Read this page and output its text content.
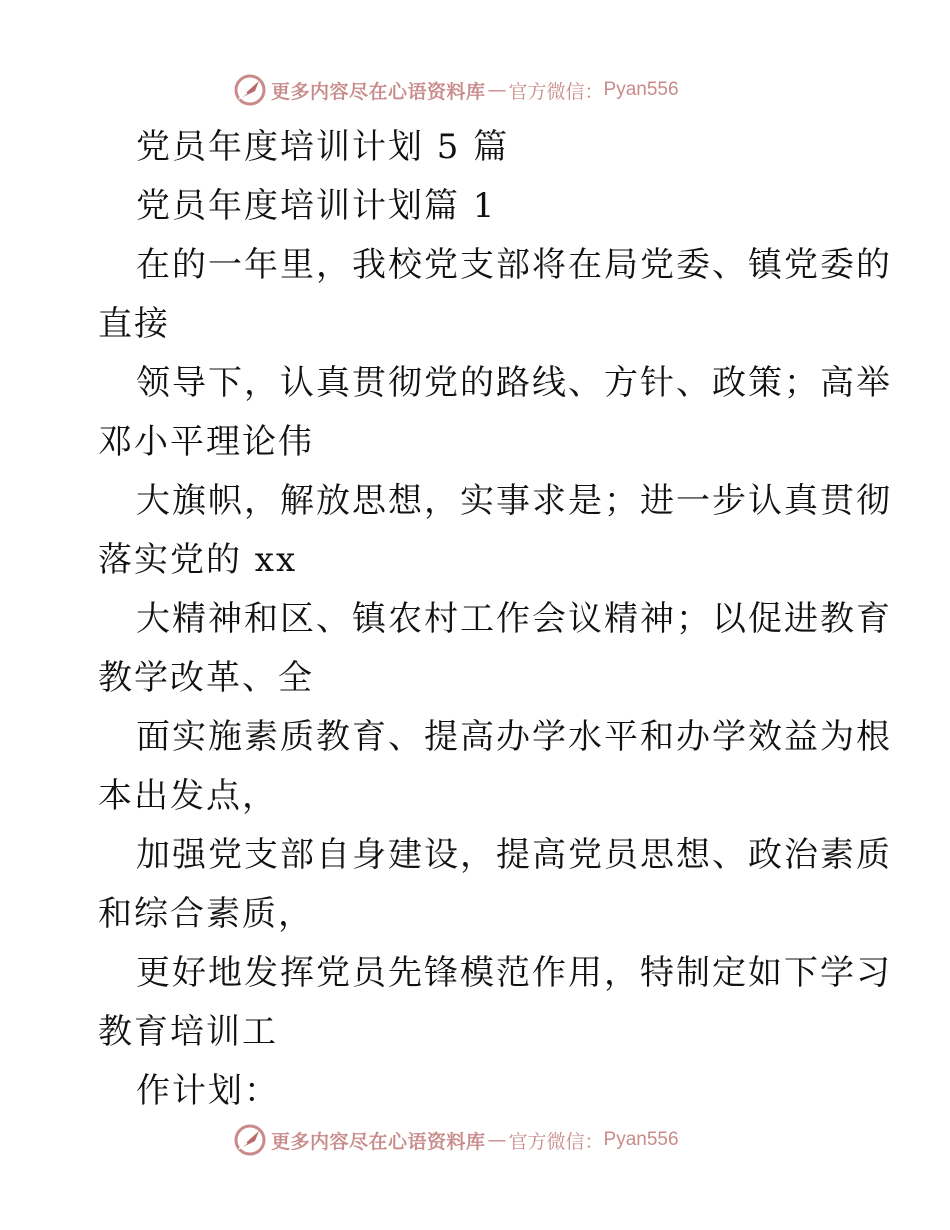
更多内容尽在心语资料库 — 官方微信： Pyan556
党员年度培训计划 5 篇
党员年度培训计划篇 1
在的一年里，我校党支部将在局党委、镇党委的
直接
领导下，认真贯彻党的路线、方针、政策；高举
邓小平理论伟
大旗帜，解放思想，实事求是；进一步认真贯彻
落实党的 xx
大精神和区、镇农村工作会议精神；以促进教育
教学改革、全
面实施素质教育、提高办学水平和办学效益为根
本出发点，
加强党支部自身建设，提高党员思想、政治素质
和综合素质，
更好地发挥党员先锋模范作用，特制定如下学习
教育培训工
作计划：
更多内容尽在心语资料库 — 官方微信： Pyan556
